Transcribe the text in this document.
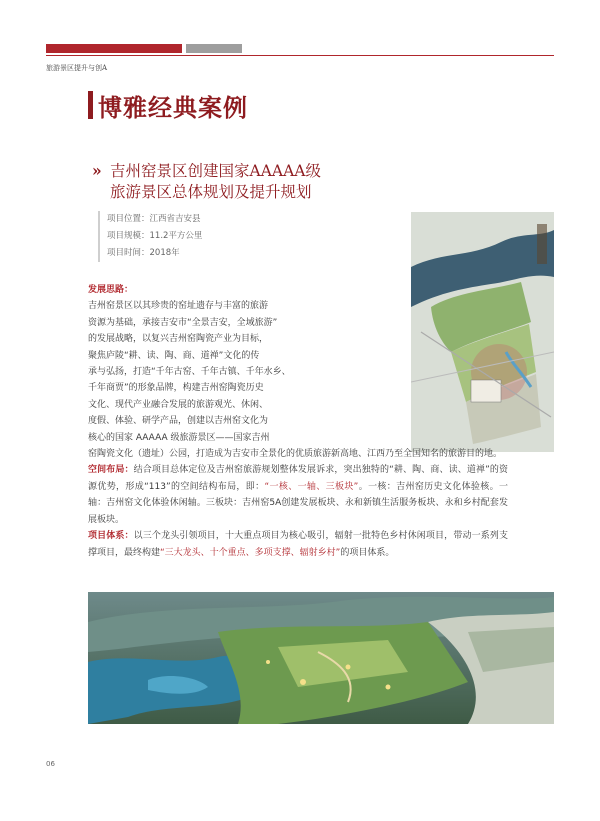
旅游景区提升与创A
博雅经典案例
» 吉州窑景区创建国家AAAAA级
旅游景区总体规划及提升规划
项目位置：江西省吉安县
项目规模：11.2平方公里
项目时间：2018年
发展思路：
吉州窑景区以其珍贵的窑址遗存与丰富的旅游
资源为基础，承接吉安市“全景吉安，全域旅游”
的发展战略，以复兴吉州窑陶瓷产业为目标，
聚焦庐陵“耕、读、陶、商、道禅”文化的传
承与弘扬，打造“千年古窑、千年古镇、千年水乡、
千年商贾”的形象品牌，构建吉州窑陶瓷历史
文化、现代产业融合发展的旅游观光、休闲、
度假、体验、研学产品，创建以吉州窑文化为
核心的国家 AAAAA 级旅游景区——国家吉州
窑陶瓷文化（遗址）公园，打造成为吉安市全景化的优质旅游新高地、江西乃至全国知名的旅游目的地。
空间布局：结合项目总体定位及吉州窑旅游规划整体发展诉求，突出独特的“耕、陶、商、读、道禅”的资源优势，形成“113”的空间结构布局，即：“一核、一轴、三板块”。一核：吉州窑历史文化体验核。一轴：吉州窑文化体验休闲轴。三板块：吉州窑5A创建发展板块、永和新镇生活服务板块、永和乡村配套发展板块。
项目体系：以三个龙头引领项目，十大重点项目为核心吸引，辐射一批特色乡村休闲项目，带动一系列支撑项目，最终构建“三大龙头、十个重点、多项支撑、辐射乡村”的项目体系。
06
